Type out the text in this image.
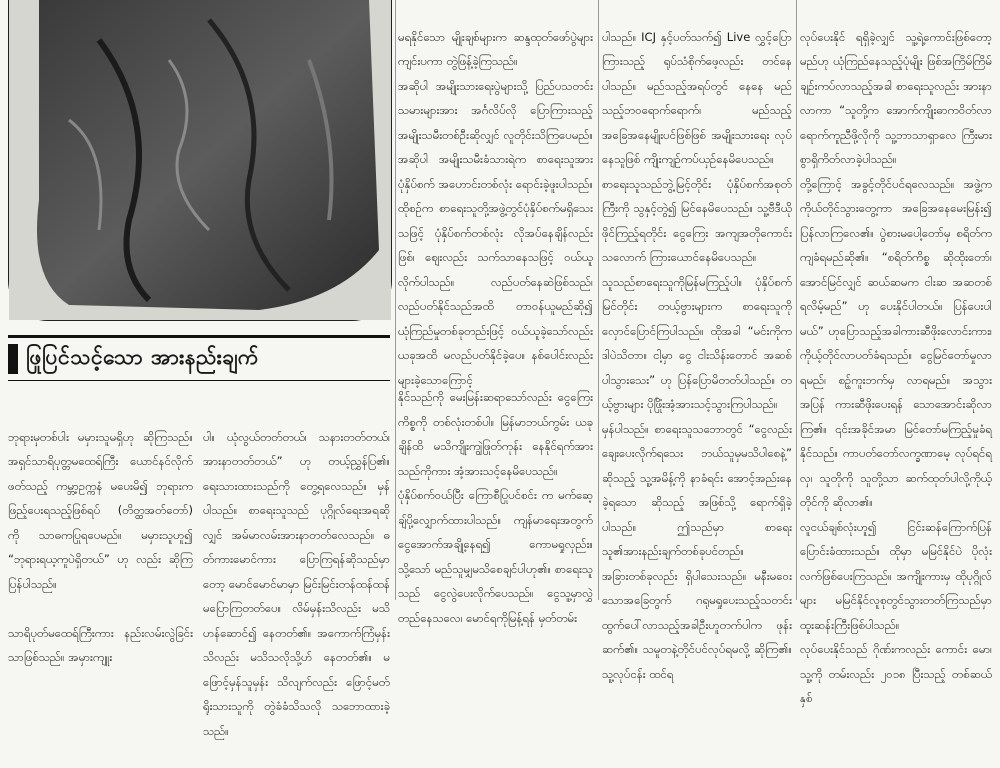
ဖြုပြင်သင့်သော အားနည်းချက်

ဘုရားမှတစ်ပါး မမှားသူမရှိဟု ဆိုကြသည်။ အရှင်သာရိပုတ္တမထေရ်ကြီး ယောင်နင်လိုက်ဖတ်သည့် ကမ္ဘာ့ဥက္ကနံ မပေးမိ၍ ဘုရားကဖြည့်ပေးရသည့်ဖြစ်ရပ် (တိတ္ထအတ်တော်) ကို သာဓကပြုရပေမည်။ မမှားသူဟူ၍ “ဘုရားရယ့ကူပဲရှိတယ်” ဟု လည်း ဆိုကြပြန်ပါသည်။

သာရိပုတ်မထေရ်ကြီးကား နည်းလမ်းလွဲခြင်းသာဖြစ်သည်။ အမှားကျူး

ပါ။ ယုံလွယ်တတ်တယ်၊ သနားတတ်တယ်၊ အားနာတတ်တယ်” ဟု တယ့်ညွှန်ပြ၏။ ရေးသားထားသည်ကို တွေ့ရလေသည်။ မှန်ပါသည်။ စာရေးသူသည် ပုဂ္ဂိုလ်ရေးအရဆိုလျှင် အမ်မာလမ်းအားနာတတ်လေသည်။ ဓတ်ကားမောင်ကား ပြောကြရန်ဆိုသည်မှာတော့ မောင်မောင်မာမှာ မြင်းမြင်းတန်ထန်ထန် မပြောကြတတ်ပေ။ လိမ်မှန်းသိလည်း မသိဟန်ဆောင်၍ နေတတ်၏။ အကောက်ကြံမှန်းသိလည်း မသိသလိုသို့ဟ် နေတတ်၏။ မဖြောင့်မှန်သူမှန်း သိလျက်လည်း ဖြောင့်မတ်ရိုးသားသူကို တွဲခံခံသိသလို သဘောထားခဲ့သည်။

မရနိုင်သော မျိုးချစ်များက ဆန္ဒထုတ်ဖော်ပွဲများ ကျင်းပကာ တွဲဖြန့်ခဲ့ကြသည်။
အဆိုပါ အမျိုးသားရေးပွဲများသို့ ပြည်ပသတင်းသမားများအား အင်္ဂလိပ်လို ပြောကြားသည့် အမျိုးသမီးတစ်ဦးဆိုလျှင် လူတိုင်းသိကြပေမည်။ အဆိုပါ အမျိုးသမီးခံသားရဲက စာရေးသူအား ပုံနှိပ်စက် အဟောင်းတစ်လုံး ရောင်းခဲ့ဖူးပါသည်။ ထိုစဉ်က စာရေးသူတို့အဖွဲ့တွင်ပုံနှိပ်စက်မရှိသေးသဖြင့် ပုံနှိပ်စက်တစ်လုံး လိုအပ်နေချိန်လည်းဖြစ်၊ ဈေးလည်း သက်သာနေသဖြင့် ဝယ်ယူလိုက်ပါသည်။ လည်ပတ်နေဆဲဖြစ်သည်၊ လည်ပတ်နိုင်သည်အထိ တာဝန်ယူမည်ဆို၍ ယုံကြည်မှုတစ်ခုတည်းဖြင့် ဝယ်ယူခဲ့သော်လည်း ယခုအထိ မလည်ပတ်နိုင်ခဲ့ပေ။ နစ်ပေါင်းလည်း များခဲ့သောကြောင့်

နိုင်သည်ကို မေးမြန်းဆရာသော်လည်း ငွေကြေးကိစ္စကို တစ်လုံးတစ်ပါ။ မြန်မာဘယ်ကွမ်း ယခုချိန်ထိ မသိကျိုးကျွဲဖြုတ်ကုန်း နေနိုင်ရက်အားသည်ကိုကား အံ့အားသင့်နေမိပေသည်။
ပုံနှိပ်စက်ဝယ်ပြီး ကြောစီပြုပင်စင်း က မက်ဆေ့ချ်ပို့လျှောက်ထားပါသည်။ ကျန်မာရေးအတွက် ငွေအောက်အချို့နေရ၍ ကောမရှုလှည်း။ သို့သော် မည်သူမျှမသိစေချင်ပါဟု၏။ စာရေးသူသည် ငွေလွဲပေးလိုက်ပေသည်။ ငွေသူ့မှာလွှဲတည်နေသလေ၊ မောင်ရကိုမြန့်ရန် မှတ်တမ်း

ပါသည်။ ICJ နှင့်ပတ်သက်၍ Live လွှင့်ပြောကြားသည့် ရုပ်သံစိုက်ဖေ့လည်း တင်နေပါသည်။ မည်သည့်အရပ်တွင် နေနေ မည်သည့်ဘဝရောက်ရောက်၊ မည်သည့်အခြေအနေမျိုးပင်ဖြစ်ဖြစ် အမျိုးသားရေး လုပ်နေသူဖြစ် ကျိုးကျဉ်ကပ်ယှဉ်နေမိပေသည်။
စာရေးသူသည်ဘွဲ့မြင့်တိုင်း ပုံနှိပ်စက်အစုတ်ကြီးကို သွနှင့်တွဲ၍ မြင်နေမိပေသည်။ သူ့ဗီဒီယိုဖိုင်ကြည့်ရတိုင်း ငွေကြေး အကျအတိုကောင်းသလောက် ကြားယောင်နေမိပေသည်။
သူသည်စာရေးသူကိုမြန်မကြည့်ပါ။ ပုံနှိပ်စက်မြင်တိုင်း တယ့်ဗွားများက စာရေးသူကို လှောင်ပြောင်ကြပါသည်။ ထိုအခါ “မင်းကိုက ဒါပဲသိတာ။ ငါ့မှာ ငွေ ငါးသိန်းတောင် အဆစ်ပါသွားသေး” ဟု ပြန်ပြောမိတတ်ပါသည်။ တယ့်ဗွားများ ပိုဖြိုံးအံ့အားသင့်သွားကြပါသည်။
မှန်ပါသည်။ စာရေးသူသဘောတွင် “ငွေလည်းချေးပေးလိုက်ရသေး ဘယ်သူမှမသိပါစေနဲ့” ဆိုသည့် သူ့အမိန့်ကို နာခံရင်း အောင့်အည်းနေခဲ့ရသော ဆိုသည့် အဖြစ်သို့ ရောက်ရှိခဲ့ပါသည်။ ဤသည်မှာ စာရေးသူ၏အားနည်းချက်တစ်ခုပင်တည်။
အခြားတစ်ခုလည်း ရှိပါသေးသည်။ မနီးမဝေးသောအခြေတွက် ဂရုမရှုပေးသည့်သတင်း ထွက်ပေါ်လာသည့်အခါဦးဟူတက်ပါက ဖုန်းဆက်၏။ သမူတနဲ့တိုင်ပင်လုပ်ရမလို့ ဆိုကြ၏။ သူ့လုပ်ငန်း ထင်ရ

လုပ်ပေးနိုင် ရရှိခဲ့လျှင် သူ့ရဲ့ကောင်းဖြစ်တော့မည်ဟု ယုံကြည်နေသည့်ပုံမျိုး ဖြစ်အကြိမ်ကြိမ် ချဉ်းကပ်လာသည့်အခါ စာရေးသူလည်း အားနာလာကာ “သူတို့က အောက်ကျိုးဓာကဝိတ်လာရောက်ကူညီဖို့လိုကို သူ့ဘာသာရှာလေ ကြီးမားစွာရှိကိတ်လာခဲ့ပါသည်။
တို့ကြောင့် အခွင့်တိုင်ပင်ရလေသည်။ အဖွဲ့က ကိုယ်တိုင်သွားတွေ့ကာ အခြေအနေမေးမြန်း၍ ပြန်လာကြလေ၏။ ပွဲစားမပေါ့တော်မှ စရိတ်က ကျခံရမည်ဆို၏။ “စရိတ်ကိစ္စ ဆိုထိုးတော်၊ အောင်မြင်လျှင် ဆယ်ဆမက ငါးဆ အဆတစ်ရလိမ့်မည်” ဟု ပေးနိုင်ပါတယ်။ ပြန်ပေးပါမယ်” ဟုပြောသည့်အခါကားဆီဖိုးလောင်းကား၊ ကိုယ့်တိုင်လာပတ်ခံရသည်။ ငွေမြင်တော်မှုလာရမည်၊ စဉ့်ကူးဘက်မှ လာရမည်။ အသွား အပြန် ကားဆီဖိုးပေးရန် သောအောင်းဆိုလာကြ၏။ ၎င်းအခိုင်အမာ မြင်တော်မကြည့်မှုခံရနိုင်သည်။ ကာပတ်တော်လက္ခဏာမေ့ လုပ်ရင်ရလှ၊ သူတိုကို သူတို့သာ ဆက်ထုတ်ပါလို့ကိုယ့်တိုင်ကို ဆိုလာ၏။
လူငယ်ချစ်လုံးဟူ၍ ငြင်းဆန်ကြောက်ပြန်ပြောင်းခံထားသည်။ ထိုမှာ မမြင်နိုင်ပဲ ပိုလုံးလက်ဖြစ်ပေးကြသည်။ အကျိုးကားမှ ထိုပုဂ္ဂိုလ်များ မမြင်နိုင်လူစုတွင်သွားတတ်ကြသည်မှာ ထူးဆန်းကြီးဖြစ်ပါသည်။
လုပ်ပေးနိုင်သည် ဂိုဏ်းကလည်း ကောင်း မော၊ သူ့ကို တမ်းလည်း ၂၀၁၈ ပြီးသည့် တစ်ဆယ်နှစ်
